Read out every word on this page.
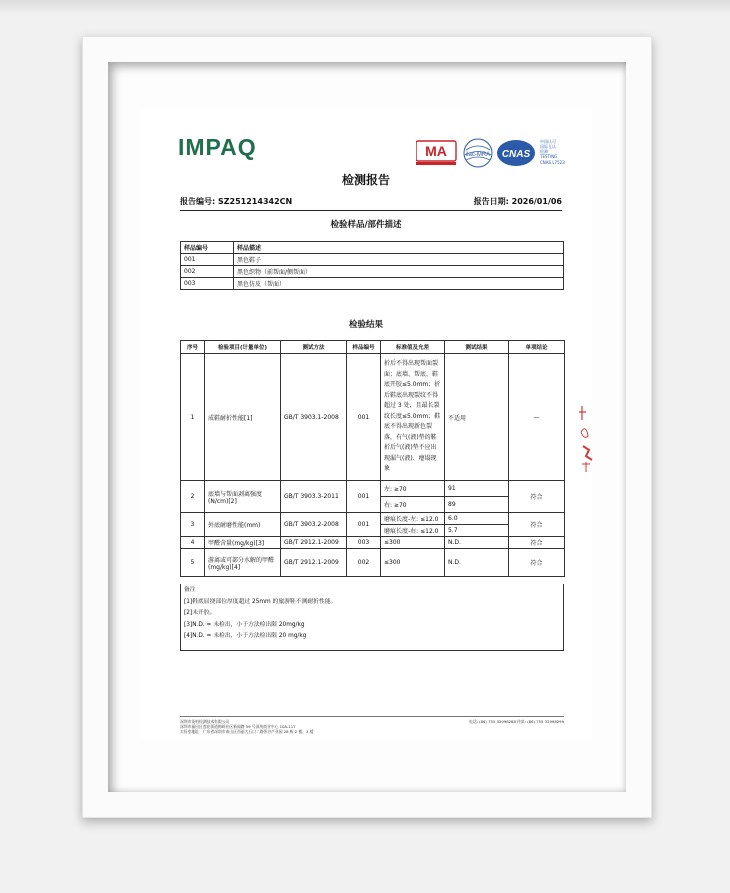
IMPAQ	MA	ilac-MRA CNAS
中国认可
国际互认
检测
TESTING
CNAS L7523
检测报告
报告编号: SZ251214342CN	报告日期: 2026/01/06
检验样品/部件描述
样品编号	样品描述
001	黑色鞋子
002	黑色织物（前帮面/侧帮面）
003	黑色仿皮（帮面）
检验结果
序号	检验项目(计量单位)	测试方法	样品编号	标准值及允差	测试结果	单项结论
1	成鞋耐折性能[1]	GB/T 3903.1-2008	001	折后不得出现帮面裂面；底墙、帮底、鞋底开胶≤5.0mm；折后鞋底出现裂纹不得超过 3 处，且最长裂纹长度≤5.0mm；鞋底不得出现新色裂落，有气(液)垫的鞋折后气(液)垫不应出现漏气(液)、瘪塌现象	不适用	—
2	底墙与帮面剥离强度(N/cm)[2]	GB/T 3903.3-2011	001	左: ≥70	91	符合
				右: ≥70	89	
3	外底耐磨性能(mm)	GB/T 3903.2-2008	001	磨痕长度-左: ≤12.0	6.0	符合
				磨痕长度-右: ≤12.0	5.7	
4	甲醛含量(mg/kg)[3]	GB/T 2912.1-2009	003	≤300	N.D.	符合
5	游离或可部分水解的甲醛(mg/kg)[4]	GB/T 2912.1-2009	002	≤300	N.D.	符合
备注
[1]鞋底屈挠部位厚度超过 25mm 的旅游鞋不测耐折性能。
[2]未开胶。
[3]N.D. = 未检出，小于方法检出限 20mg/kg
[4]N.D. = 未检出，小于方法检出限 20 mg/kg
深圳市英柏检测技术有限公司
深圳市福田区莲花街道梅岭社区新闻路 59 号深茂商业中心 10A-11T
实验室地址：广东省深圳市南山区西丽大石口二路智谷产业园 28 栋 2 楼、3 楼
电话: (86) 755 32998288 传真: (86) 755 32998299
